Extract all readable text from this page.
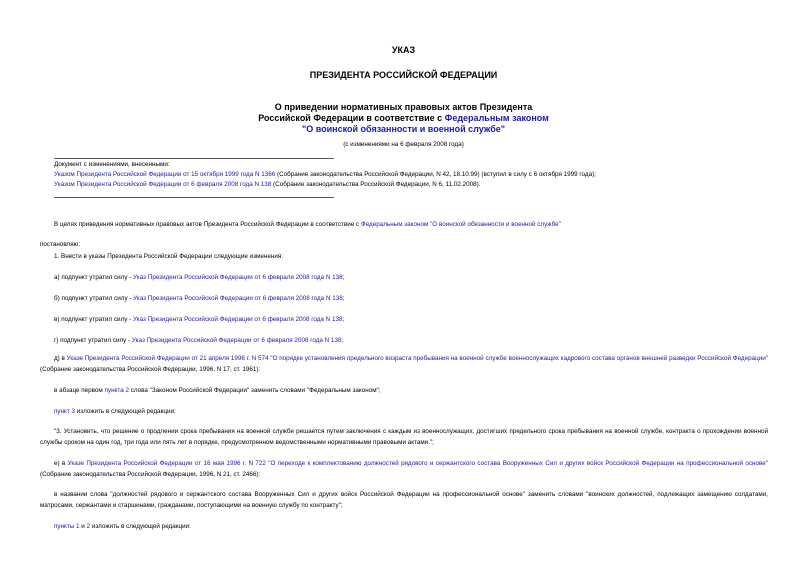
УКАЗ
ПРЕЗИДЕНТА РОССИЙСКОЙ ФЕДЕРАЦИИ
О приведении нормативных правовых актов Президента
Российской Федерации в соответствие с Федеральным законом
"О воинской обязанности и военной службе"
(с изменениями на 6 февраля 2008 года)
Документ с изменениями, внесенными:
Указом Президента Российской Федерации от 15 октября 1999 года N 1366 (Собрание законодательства Российской Федерации, N 42, 18.10.99) (вступил в силу с 6 октября 1999 года);
Указом Президента Российской Федерации от 6 февраля 2008 года N 138 (Собрание законодательства Российской Федерации, N 6, 11.02.2008).
В целях приведения нормативных правовых актов Президента Российской Федерации в соответствие с Федеральным законом "О воинской обязанности и военной службе"
постановляю:
1. Внести в указы Президента Российской Федерации следующие изменения:
а) подпункт утратил силу - Указ Президента Российской Федерации от 6 февраля 2008 года N 138;
б) подпункт утратил силу - Указ Президента Российской Федерации от 6 февраля 2008 года N 138;
в) подпункт утратил силу - Указ Президента Российской Федерации от 6 февраля 2008 года N 138;
г) подпункт утратил силу - Указ Президента Российской Федерации от 6 февраля 2008 года N 138;
д) в Указе Президента Российской Федерации от 21 апреля 1996 г. N 574 "О порядке установления предельного возраста пребывания на военной службе военнослужащих кадрового состава органов внешней разведки Российской Федерации" (Собрание законодательства Российской Федерации, 1996, N 17, ст. 1961):
в абзаце первом пункта 2 слова "Законом Российской Федерации" заменить словами "Федеральным законом";
пункт 3 изложить в следующей редакции:
"3. Установить, что решение о продлении срока пребывания на военной службе решается путем заключения с каждым из военнослужащих, достигших предельного срока пребывания на военной службе, контракта о прохождении военной службы сроком на один год, три года или пять лет в порядке, предусмотренном ведомственными нормативными правовыми актами.";
е) в Указе Президента Российской Федерации от 16 мая 1996 г. N 722 "О переходе к комплектованию должностей рядового и сержантского состава Вооруженных Сил и других войск Российской Федерации на профессиональной основе" (Собрание законодательства Российской Федерации, 1996, N 21, ст. 2466):
в названии слова "должностей рядового и сержантского состава Вооруженных Сил и других войск Российской Федерации на профессиональной основе" заменить словами "воинских должностей, подлежащих замещению солдатами, матросами, сержантами и старшинами, гражданами, поступающими на военную службу по контракту";
пункты 1 и 2 изложить в следующей редакции:
